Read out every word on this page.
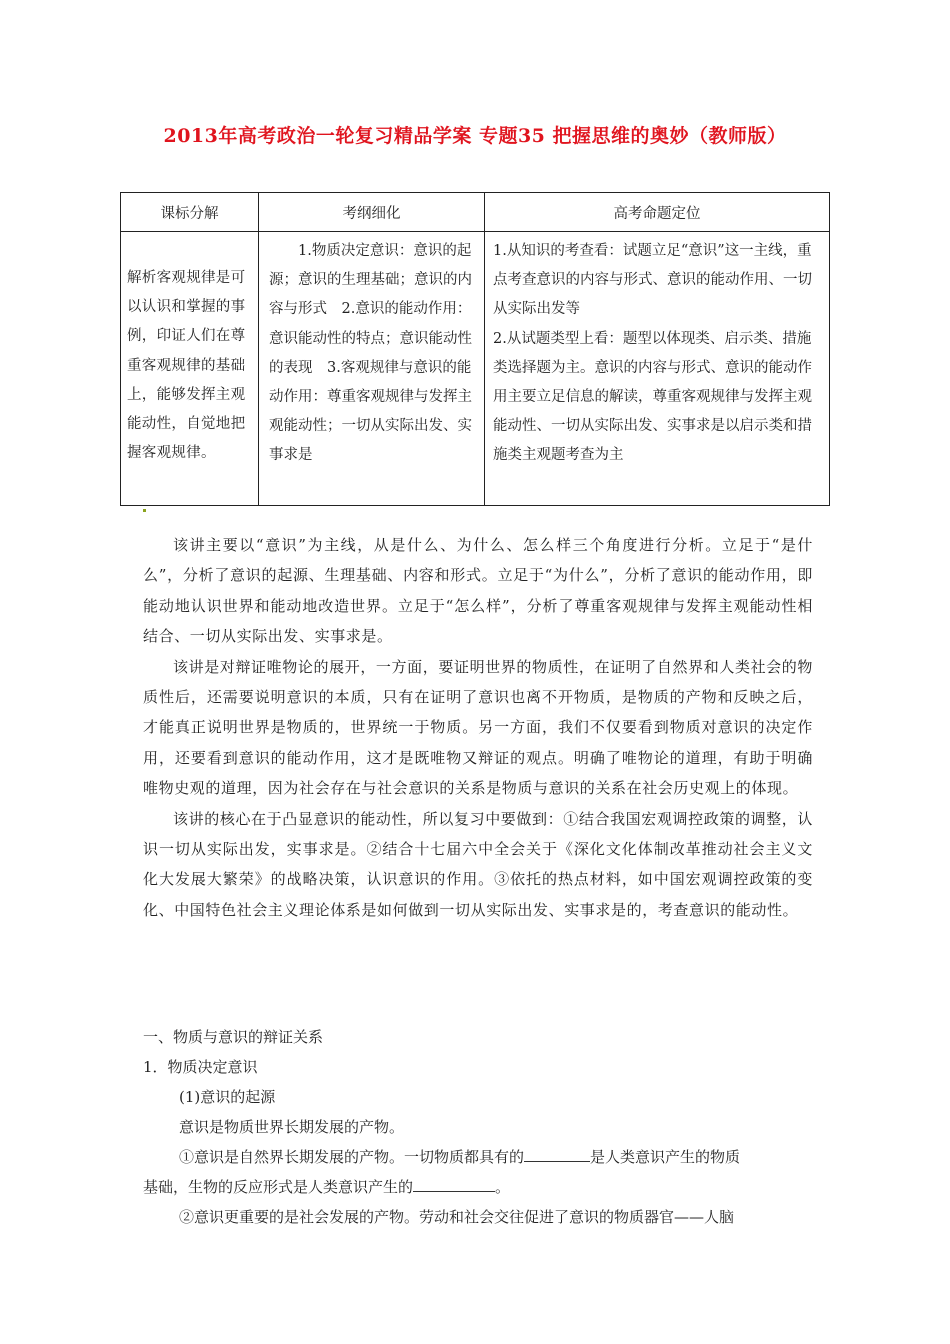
2013年高考政治一轮复习精品学案 专题35 把握思维的奥妙（教师版）
课标分解	考纲细化	高考命题定位
解析客观规律是可以认识和掌握的事例，印证人们在尊重客观规律的基础上，能够发挥主观能动性，自觉地把握客观规律。	1.物质决定意识：意识的起源；意识的生理基础；意识的内容与形式　2.意识的能动作用：意识能动性的特点；意识能动性的表现　3.客观规律与意识的能动作用：尊重客观规律与发挥主观能动性；一切从实际出发、实事求是	1.从知识的考查看：试题立足“意识”这一主线，重点考查意识的内容与形式、意识的能动作用、一切从实际出发等

2.从试题类型上看：题型以体现类、启示类、措施类选择题为主。意识的内容与形式、意识的能动作用主要立足信息的解读，尊重客观规律与发挥主观能动性、一切从实际出发、实事求是以启示类和措施类主观题考查为主

该讲主要以“意识”为主线，从是什么、为什么、怎么样三个角度进行分析。立足于“是什么”，分析了意识的起源、生理基础、内容和形式。立足于“为什么”，分析了意识的能动作用，即能动地认识世界和能动地改造世界。立足于“怎么样”，分析了尊重客观规律与发挥主观能动性相结合、一切从实际出发、实事求是。

该讲是对辩证唯物论的展开，一方面，要证明世界的物质性，在证明了自然界和人类社会的物质性后，还需要说明意识的本质，只有在证明了意识也离不开物质，是物质的产物和反映之后，才能真正说明世界是物质的，世界统一于物质。另一方面，我们不仅要看到物质对意识的决定作用，还要看到意识的能动作用，这才是既唯物又辩证的观点。明确了唯物论的道理，有助于明确唯物史观的道理，因为社会存在与社会意识的关系是物质与意识的关系在社会历史观上的体现。

该讲的核心在于凸显意识的能动性，所以复习中要做到：①结合我国宏观调控政策的调整，认识一切从实际出发，实事求是。②结合十七届六中全会关于《深化文化体制改革推动社会主义文化大发展大繁荣》的战略决策，认识意识的作用。③依托的热点材料，如中国宏观调控政策的变化、中国特色社会主义理论体系是如何做到一切从实际出发、实事求是的，考查意识的能动性。

一、物质与意识的辩证关系
1．物质决定意识
(1)意识的起源
意识是物质世界长期发展的产物。
①意识是自然界长期发展的产物。一切物质都具有的	是人类意识产生的物质
基础，生物的反应形式是人类意识产生的	。
②意识更重要的是社会发展的产物。劳动和社会交往促进了意识的物质器官——人脑
